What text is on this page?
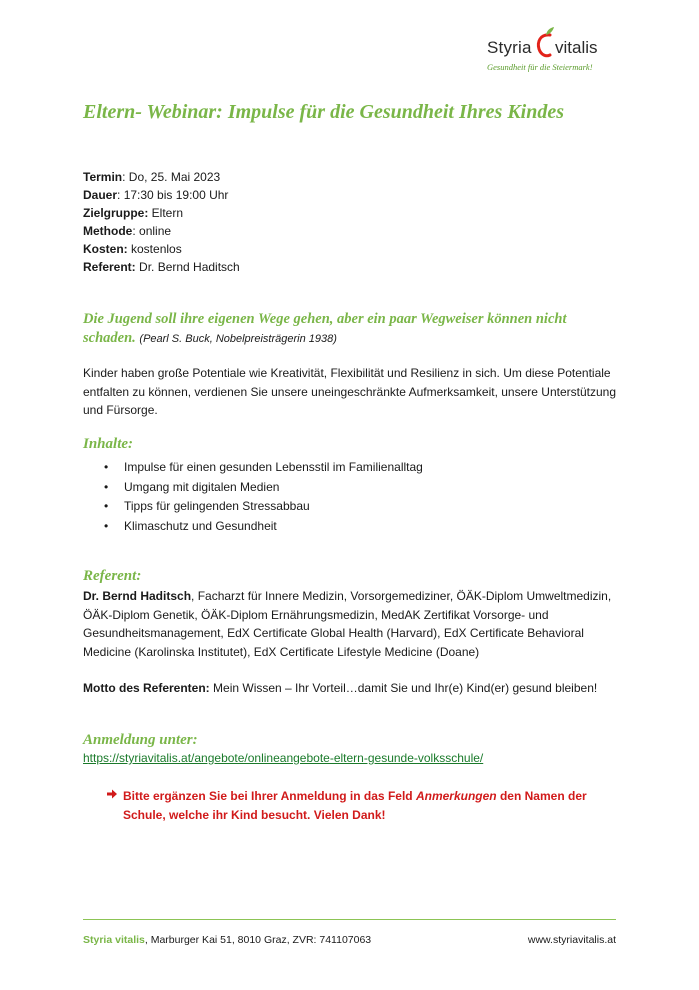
Styria vitalis
Gesundheit für die Steiermark!
Eltern- Webinar: Impulse für die Gesundheit Ihres Kindes
Termin: Do, 25. Mai 2023
Dauer: 17:30 bis 19:00 Uhr
Zielgruppe: Eltern
Methode: online
Kosten: kostenlos
Referent: Dr. Bernd Haditsch
Die Jugend soll ihre eigenen Wege gehen, aber ein paar Wegweiser können nicht schaden. (Pearl S. Buck, Nobelpreisträgerin 1938)

Kinder haben große Potentiale wie Kreativität, Flexibilität und Resilienz in sich. Um diese Potentiale entfalten zu können, verdienen Sie unsere uneingeschränkte Aufmerksamkeit, unsere Unterstützung und Fürsorge.

Inhalte:
• Impulse für einen gesunden Lebensstil im Familienalltag
• Umgang mit digitalen Medien
• Tipps für gelingenden Stressabbau
• Klimaschutz und Gesundheit
Referent:

Dr. Bernd Haditsch, Facharzt für Innere Medizin, Vorsorgemediziner, ÖÄK-Diplom Umweltmedizin, ÖÄK-Diplom Genetik, ÖÄK-Diplom Ernährungsmedizin, MedAK Zertifikat Vorsorge- und Gesundheitsmanagement, EdX Certificate Global Health (Harvard), EdX Certificate Behavioral Medicine (Karolinska Institutet), EdX Certificate Lifestyle Medicine (Doane)

Motto des Referenten: Mein Wissen – Ihr Vorteil…damit Sie und Ihr(e) Kind(er) gesund bleiben!

Anmeldung unter:
https://styriavitalis.at/angebote/onlineangebote-eltern-gesunde-volksschule/
Bitte ergänzen Sie bei Ihrer Anmeldung in das Feld Anmerkungen den Namen der Schule, welche ihr Kind besucht. Vielen Dank!
Styria vitalis, Marburger Kai 51, 8010 Graz, ZVR: 741107063	www.styriavitalis.at
